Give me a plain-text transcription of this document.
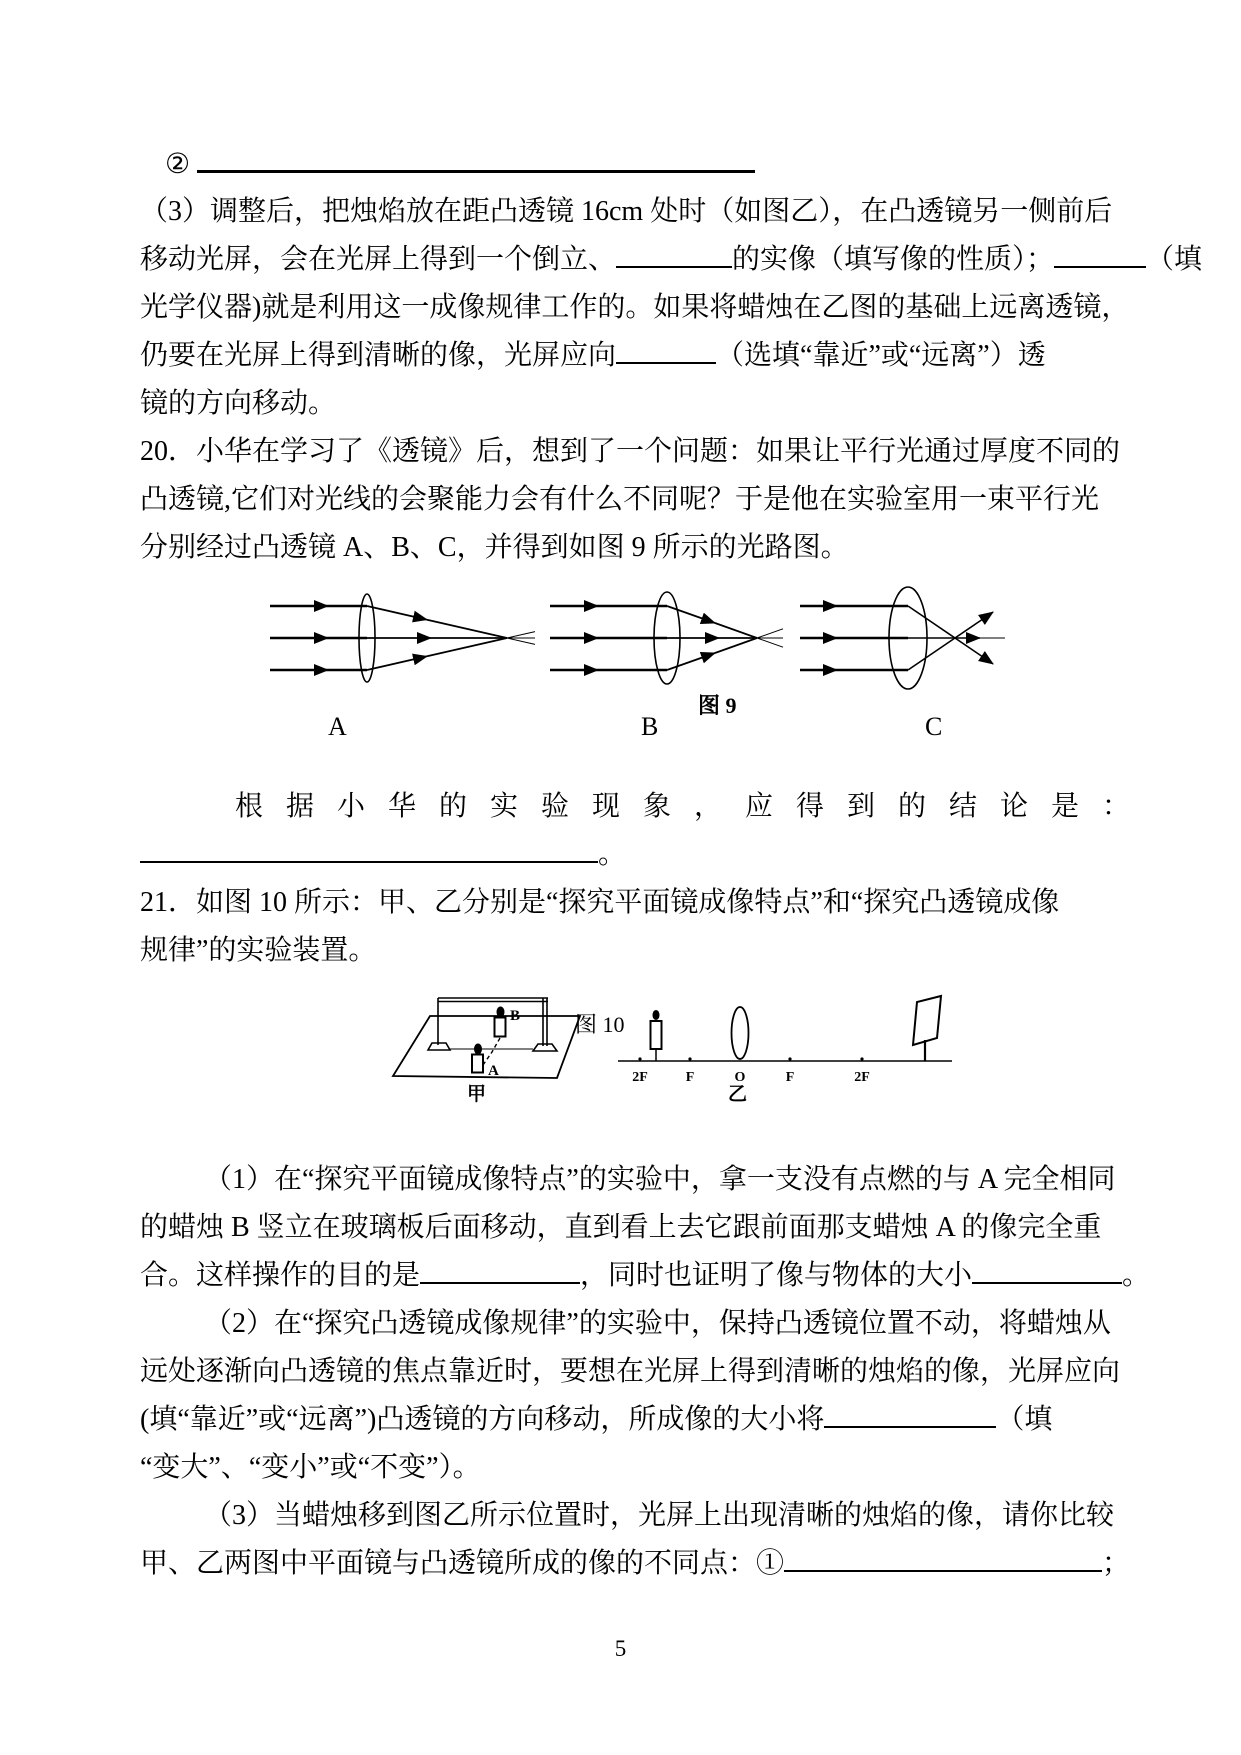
②

（3）调整后，把烛焰放在距凸透镜 16cm 处时（如图乙），在凸透镜另一侧前后

移动光屏，会在光屏上得到一个倒立、	的实像（填写像的性质）；	（填

光学仪器)就是利用这一成像规律工作的。如果将蜡烛在乙图的基础上远离透镜，

仍要在光屏上得到清晰的像，光屏应向	（选填“靠近”或“远离”）透

镜的方向移动。

20．小华在学习了《透镜》后，想到了一个问题：如果让平行光通过厚度不同的

凸透镜,它们对光线的会聚能力会有什么不同呢？于是他在实验室用一束平行光

分别经过凸透镜 A、B、C，并得到如图 9 所示的光路图。

A	B	C
图 9

根据小华的实验现象，应得到的结论是：

。

21．如图 10 所示：甲、乙分别是“探究平面镜成像特点”和“探究凸透镜成像

规律”的实验装置。

B
A
甲
图 10
2F	F	O	F	2F
乙

（1）在“探究平面镜成像特点”的实验中，拿一支没有点燃的与 A 完全相同

的蜡烛 B 竖立在玻璃板后面移动，直到看上去它跟前面那支蜡烛 A 的像完全重

合。这样操作的目的是	，同时也证明了像与物体的大小	。

（2）在“探究凸透镜成像规律”的实验中，保持凸透镜位置不动，将蜡烛从

远处逐渐向凸透镜的焦点靠近时，要想在光屏上得到清晰的烛焰的像，光屏应向

(填“靠近”或“远离”)凸透镜的方向移动，所成像的大小将	（填

“变大”、“变小”或“不变”）。

（3）当蜡烛移到图乙所示位置时，光屏上出现清晰的烛焰的像，请你比较

甲、乙两图中平面镜与凸透镜所成的像的不同点：①	；

5
